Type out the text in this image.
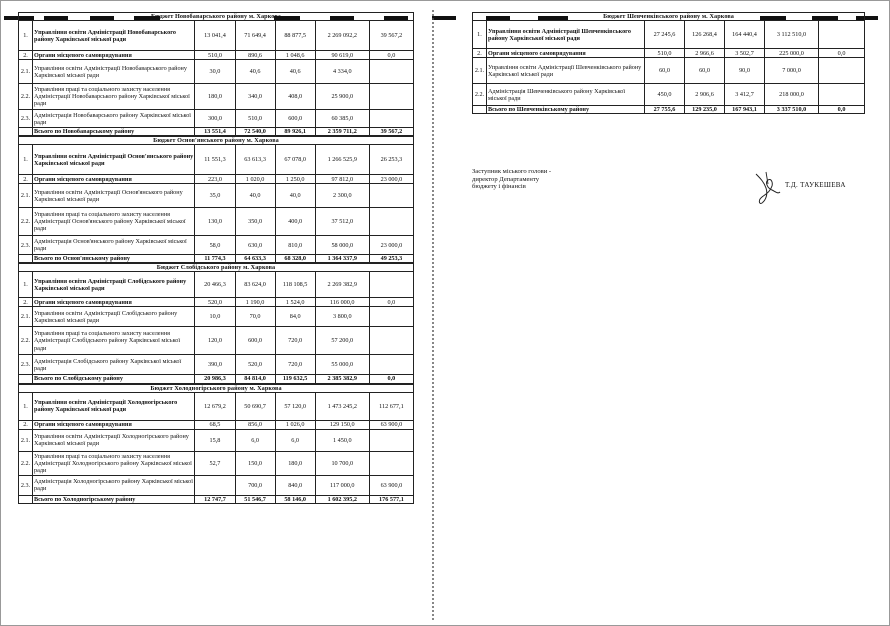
Бюджет Новобаварського району м. Харкова						
1.	Управління освіти Адміністрації Новобаварського району Харківської міської ради	13 041,4	71 649,4	88 877,5	2 269 092,2	39 567,2
2.	Органи місцевого самоврядування	510,0	890,6	1 048,6	90 619,0	0,0
2.1.	Управління освіти Адміністрації Новобаварського району Харківської міської ради	30,0	40,6	40,6	4 334,0	
2.2.	Управління праці та соціального захисту населення Адміністрації Новобаварського району Харківської міської ради	180,0	340,0	408,0	25 900,0	
2.3.	Адміністрація Новобаварського району Харківської міської ради	300,0	510,0	600,0	60 385,0	
	Всього по Новобаварському району	13 551,4	72 540,0	89 926,1	2 359 711,2	39 567,2
Бюджет Основ'янського району м. Харкова						
1.	Управління освіти Адміністрації Основ'янського району Харківської міської ради	11 551,3	63 613,3	67 078,0	1 266 525,9	26 253,3
2.	Органи місцевого самоврядування	223,0	1 020,0	1 250,0	97 812,0	23 000,0
2.1.	Управління освіти Адміністрації Основ'янського району Харківської міської ради	35,0	40,0	40,0	2 300,0	
2.2.	Управління праці та соціального захисту населення Адміністрації Основ'янського району Харківської міської ради	130,0	350,0	400,0	37 512,0	
2.3.	Адміністрація Основ'янського району Харківської міської ради	58,0	630,0	810,0	58 000,0	23 000,0
	Всього по Основ'янському району	11 774,3	64 633,3	68 328,0	1 364 337,9	49 253,3
Бюджет Слобідського району м. Харкова						
1.	Управління освіти Адміністрації Слобідського району Харківської міської ради	20 466,3	83 624,0	118 108,5	2 269 382,9	
2.	Органи місцевого самоврядування	520,0	1 190,0	1 524,0	116 000,0	0,0
2.1.	Управління освіти Адміністрації Слобідського району Харківської міської ради	10,0	70,0	84,0	3 800,0	
2.2.	Управління праці та соціального захисту населення Адміністрації Слобідського району Харківської міської ради	120,0	600,0	720,0	57 200,0	
2.3.	Адміністрація Слобідського району Харківської міської ради	390,0	520,0	720,0	55 000,0	
	Всього по Слобідському району	20 986,3	84 814,0	119 632,5	2 385 382,9	0,0
Бюджет Холодногірського району м. Харкова						
1.	Управління освіти Адміністрації Холодногірського району Харківської міської ради	12 679,2	50 690,7	57 120,0	1 473 245,2	112 677,1
2.	Органи місцевого самоврядування	68,5	856,0	1 026,0	129 150,0	63 900,0
2.1.	Управління освіти Адміністрації Холодногірського району Харківської міської ради	15,8	6,0	6,0	1 450,0	
2.2.	Управління праці та соціального захисту населення Адміністрації Холодногірського району Харківської міської ради	52,7	150,0	180,0	10 700,0	
2.3.	Адміністрація Холодногірського району Харківської міської ради		700,0	840,0	117 000,0	63 900,0
	Всього по Холодногірському району	12 747,7	51 546,7	58 146,0	1 602 395,2	176 577,1
Бюджет Шевченківського району м. Харкова						
1.	Управління освіти Адміністрації Шевченківського району Харківської міської ради	27 245,6	126 268,4	164 440,4	3 112 510,0	
2.	Органи місцевого самоврядування	510,0	2 966,6	3 502,7	225 000,0	0,0
2.1.	Управління освіти Адміністрації Шевченківського району Харківської міської ради	60,0	60,0	90,0	7 000,0	
2.2.	Адміністрація Шевченківського району Харківської міської ради	450,0	2 906,6	3 412,7	218 000,0	
	Всього по Шевченківському району	27 755,6	129 235,0	167 943,1	3 337 510,0	0,0
Заступник міського голови -
директор Департаменту
бюджету і фінансів	Т.Д. ТАУКЕШЕВА
